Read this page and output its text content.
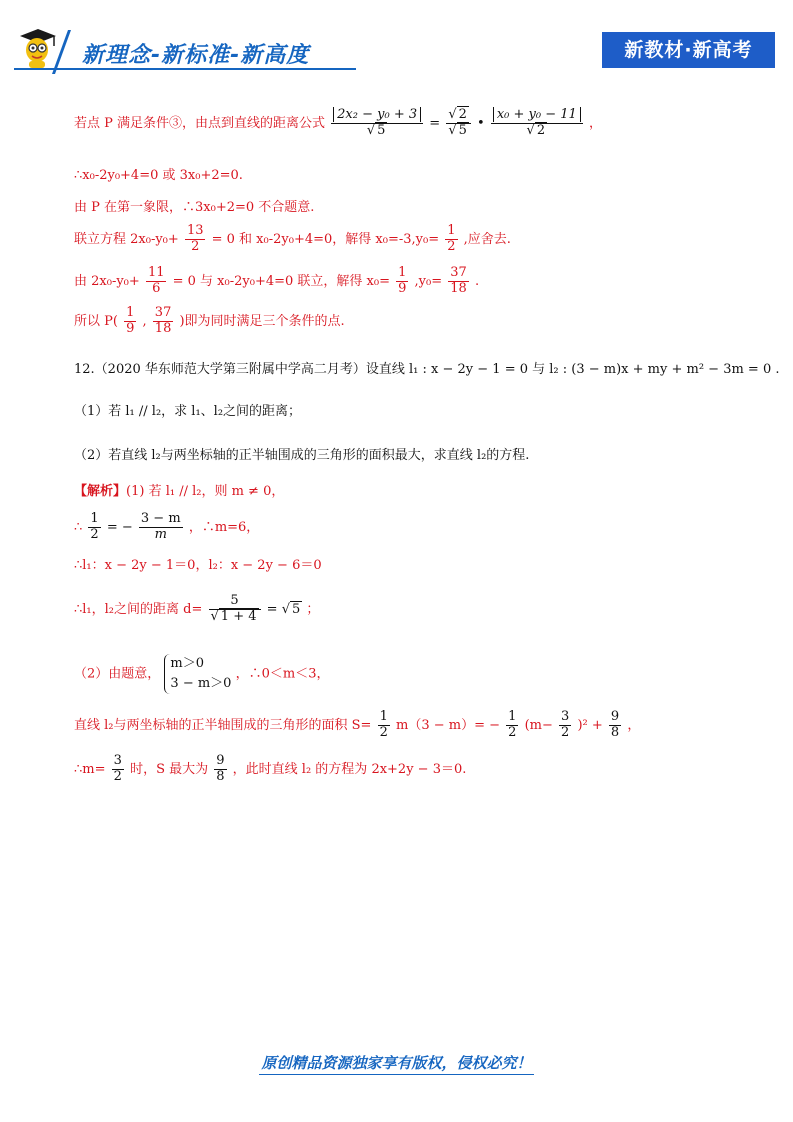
新理念-新标准-新高度	新教材·新高考
若点 P 满足条件③，由点到直线的距离公式 $\frac{\text{2x₂ − y₀ + 3}}{√ 5} = \frac{√ 2}{√ 5}$ • $\frac{\text{x₀ + y₀ − 11}}{√ 2}$ ，
∴x₀-2y₀+4=0 或 3x₀+2=0.
由 P 在第一象限，∴3x₀+2=0 不合题意.
联立方程 $2x_0-y_0+ \frac{13}{2} = 0$ 和 x₀-2y₀+4=0，解得 $x_0=-3,y_0= \frac{1}{2}$ ,应舍去.
由 $2x_0-y_0+ \frac{11}{6} = 0$ 与 x₀-2y₀+4=0 联立，解得 $x_0= \frac{1}{9} ,y_0= \frac{37}{18}$ .
所以 $P( \frac{1}{9}$ , $\frac{37}{18}$ )即为同时满足三个条件的点.
12.（2020 华东师范大学第三附属中学高二月考）设直线 l₁ : x − 2y − 1 = 0 与 l₂ : (3 − m)x + my + m² − 3m = 0 .
（1）若 l₁ // l₂，求 l₁、l₂之间的距离；
（2）若直线 l₂与两坐标轴的正半轴围成的三角形的面积最大，求直线 l₂的方程.
【解析】(1) 若 l₁ // l₂，则 m ≠ 0，
∴ $\frac{1}{2}$ = − $\frac{3 - m}{m}$ ，∴m=6，
∴l₁：x − 2y − 1＝0，l₂：x − 2y − 6＝0
∴l₁，l₂之间的距离 $d= \frac{5}{√ 1 + 4}$ = √ 5 ；
（2）由题意，
m＞0
3 − m＞0
，∴0＜m＜3，
直线 l₂与两坐标轴的正半轴围成的三角形的面积 $S= \frac{1}{2} m(3 - m)= - \frac{1}{2} (m- \frac{3}{2} )^2 + \frac{9}{8}$ ，
∴m= $\frac{3}{2}$ 时，S 最大为 $\frac{9}{8}$ ，此时直线 l₂ 的方程为 2x+2y − 3＝0.
原创精品资源独家享有版权，侵权必究！
